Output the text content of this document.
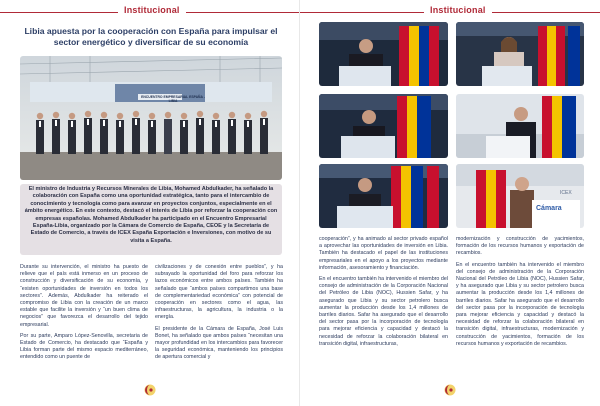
Institucional
Libia apuesta por la cooperación con España para impulsar el sector energético y diversificar de su economía

El ministro de Industria y Recursos Minerales de Libia, Mohamed Abdulkader, ha señalado la colaboración con España como una oportunidad estratégica, tanto para el intercambio de conocimiento y tecnología como para avanzar en proyectos conjuntos, especialmente en el ámbito energético. En este contexto, destacó el interés de Libia por reforzar la cooperación con empresas españolas. Mohamed Abdulkader ha participado en el Encuentro Empresarial España-Libia, organizado por la Cámara de Comercio de España, CEOE y la Secretaría de Estado de Comercio, a través de ICEX España Exportación e Inversiones, con motivo de su visita a España.

Durante su intervención, el ministro ha puesto de relieve que el país está inmerso en un proceso de construcción y diversificación de su economía, y “existen oportunidades de inversión en todos los sectores”. Además, Abdulkader ha reiterado el compromiso de Libia con la creación de un marco estable que facilite la inversión y “un buen clima de negocios” que favorezca el desarrollo del tejido empresarial.

Por su parte, Amparo López-Senovilla, secretaria de Estado de Comercio, ha destacado que “España y Libia forman parte del mismo espacio mediterráneo, entendido como un puente de

civilizaciones y de conexión entre pueblos”, y ha subrayado la oportunidad del foro para reforzar los lazos económicos entre ambos países. También ha señalado que “ambos países compartimos una base de complementariedad económica” con potencial de cooperación en sectores como el agua, las infraestructuras, la agricultura, la industria o la energía.

El presidente de la Cámara de España, José Luis Bonet, ha señalado que ambos países “necesitan una mayor profundidad en los intercambios para favorecer la seguridad económica, manteniendo los principios de apertura comercial y

Institucional
Cámara
ICEX

cooperación”, y ha animado al sector privado español a aprovechar las oportunidades de inversión en Libia. También ha destacado el papel de las instituciones empresariales en el apoyo a los proyectos mediante información, asesoramiento y financiación.

En el encuentro también ha intervenido el miembro del consejo de administración de la Corporación Nacional del Petróleo de Libia (NOC), Hussien Safar, y ha asegurado que Libia y su sector petrolero busca aumentar la producción desde los 1,4 millones de barriles diarios. Safar ha asegurado que el desarrollo del sector pasa por la incorporación de tecnología para mejorar eficiencia y capacidad y destacó la necesidad de reforzar la colaboración bilateral en transición digital, infraestructuras,

modernización y construcción de yacimientos, formación de los recursos humanos y exportación de recambios.

En el encuentro también ha intervenido el miembro del consejo de administración de la Corporación Nacional del Petróleo de Libia (NOC), Hussien Safar, y ha asegurado que Libia y su sector petrolero busca aumentar la producción desde los 1,4 millones de barriles diarios. Safar ha asegurado que el desarrollo del sector pasa por la incorporación de tecnología para mejorar eficiencia y capacidad y destacó la necesidad de reforzar la colaboración bilateral en transición digital, infraestructuras, modernización y construcción de yacimientos, formación de los recursos humanos y exportación de recambios.

ENCUENTRO EMPRESARIAL ESPAÑA - LIBIA
